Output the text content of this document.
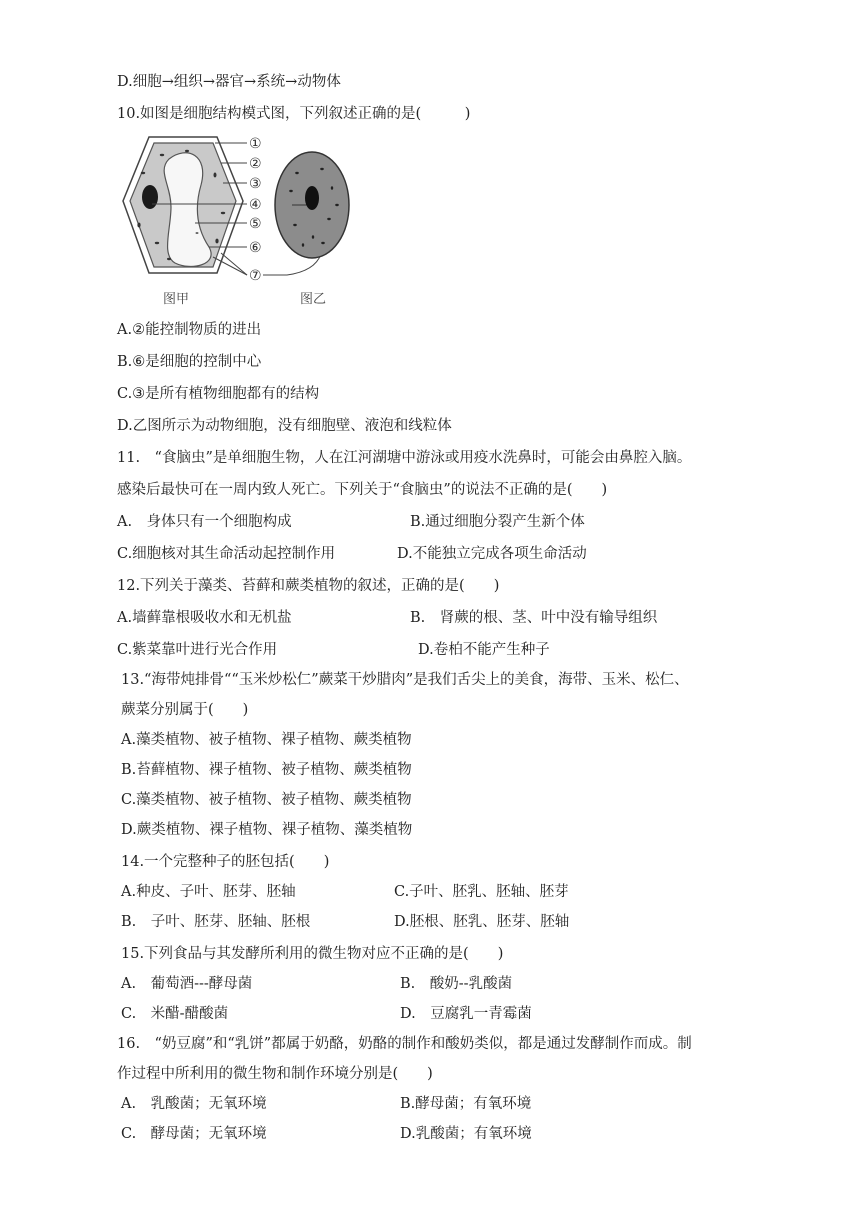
D.细胞→组织→器官→系统→动物体
10.如图是细胞结构模式图，下列叙述正确的是(　　　)
①
②
③
④
⑤
⑥
⑦
图甲	图乙
A.②能控制物质的进出
B.⑥是细胞的控制中心
C.③是所有植物细胞都有的结构
D.乙图所示为动物细胞，没有细胞壁、液泡和线粒体
11.　“食脑虫”是单细胞生物，人在江河湖塘中游泳或用疫水洗鼻时，可能会由鼻腔入脑。
感染后最快可在一周内致人死亡。下列关于“食脑虫”的说法不正确的是(　　)
A.　身体只有一个细胞构成	B.通过细胞分裂产生新个体
C.细胞核对其生命活动起控制作用	D.不能独立完成各项生命活动
12.下列关于藻类、苔藓和蕨类植物的叙述，正确的是(　　)
A.墙藓靠根吸收水和无机盐	B.　肾蕨的根、茎、叶中没有输导组织
C.紫菜靠叶进行光合作用	D.卷柏不能产生种子
13.“海带炖排骨““玉米炒松仁”蕨菜干炒腊肉”是我们舌尖上的美食，海带、玉米、松仁、
蕨菜分别属于(　　)
A.藻类植物、被子植物、裸子植物、蕨类植物
B.苔藓植物、裸子植物、被子植物、蕨类植物
C.藻类植物、被子植物、被子植物、蕨类植物
D.蕨类植物、裸子植物、裸子植物、藻类植物
14.一个完整种子的胚包括(　　)
A.种皮、子叶、胚芽、胚轴	C.子叶、胚乳、胚轴、胚芽
B.　子叶、胚芽、胚轴、胚根	D.胚根、胚乳、胚芽、胚轴
15.下列食品与其发酵所利用的微生物对应不正确的是(　　)
A.　葡萄酒---酵母菌	B.　酸奶--乳酸菌
C.　米醋-醋酸菌	D.　豆腐乳一青霉菌
16.　“奶豆腐”和“乳饼”都属于奶酪，奶酪的制作和酸奶类似，都是通过发酵制作而成。制
作过程中所利用的微生物和制作环境分别是(　　)
A.　乳酸菌；无氧环境	B.酵母菌；有氧环境
C.　酵母菌；无氧环境	D.乳酸菌；有氧环境
